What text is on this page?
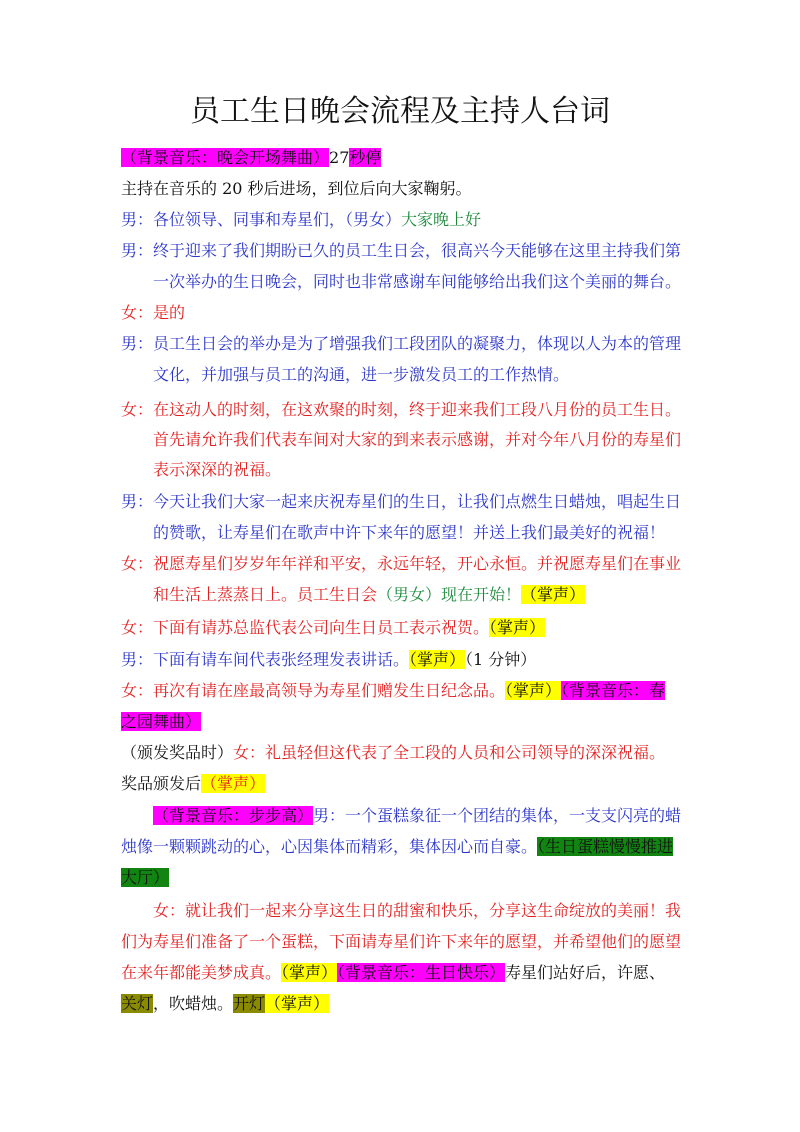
员工生日晚会流程及主持人台词
（背景音乐：晚会开场舞曲）27秒停
主持在音乐的 20 秒后进场，到位后向大家鞠躬。
男：各位领导、同事和寿星们，（男女）大家晚上好
男：终于迎来了我们期盼已久的员工生日会，很高兴今天能够在这里主持我们第
一次举办的生日晚会，同时也非常感谢车间能够给出我们这个美丽的舞台。
女：是的
男：员工生日会的举办是为了增强我们工段团队的凝聚力，体现以人为本的管理
文化，并加强与员工的沟通，进一步激发员工的工作热情。
女：在这动人的时刻，在这欢聚的时刻，终于迎来我们工段八月份的员工生日。
首先请允许我们代表车间对大家的到来表示感谢，并对今年八月份的寿星们
表示深深的祝福。
男：今天让我们大家一起来庆祝寿星们的生日，让我们点燃生日蜡烛，唱起生日
的赞歌，让寿星们在歌声中许下来年的愿望！并送上我们最美好的祝福！
女：祝愿寿星们岁岁年年祥和平安，永远年轻，开心永恒。并祝愿寿星们在事业
和生活上蒸蒸日上。员工生日会（男女）现在开始！（掌声）
女：下面有请苏总监代表公司向生日员工表示祝贺。（掌声）
男：下面有请车间代表张经理发表讲话。（掌声）（1 分钟）
女：再次有请在座最高领导为寿星们赠发生日纪念品。（掌声）（背景音乐：春
之园舞曲）
（颁发奖品时）女：礼虽轻但这代表了全工段的人员和公司领导的深深祝福。
奖品颁发后（掌声）
（背景音乐：步步高）男：一个蛋糕象征一个团结的集体，一支支闪亮的蜡
烛像一颗颗跳动的心，心因集体而精彩，集体因心而自豪。（生日蛋糕慢慢推进
大厅）
女：就让我们一起来分享这生日的甜蜜和快乐，分享这生命绽放的美丽！我
们为寿星们准备了一个蛋糕，下面请寿星们许下来年的愿望，并希望他们的愿望
在来年都能美梦成真。（掌声）（背景音乐：生日快乐）寿星们站好后，许愿、
关灯，吹蜡烛。开灯（掌声）
